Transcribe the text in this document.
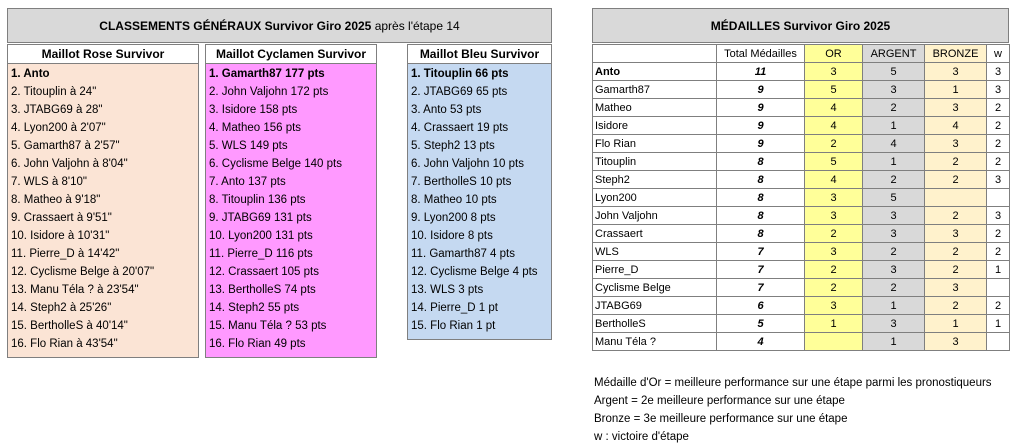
CLASSEMENTS GÉNÉRAUX Survivor Giro 2025 après l'étape 14
Maillot Rose Survivor
1. Anto
2. Titouplin à 24"
3. JTABG69 à 28"
4. Lyon200 à 2'07"
5. Gamarth87 à 2'57"
6. John Valjohn à 8'04"
7. WLS à 8'10"
8. Matheo à 9'18"
9. Crassaert à 9'51"
10. Isidore à 10'31"
11. Pierre_D à 14'42"
12. Cyclisme Belge à 20'07"
13. Manu Téla ? à 23'54"
14. Steph2 à 25'26"
15. BertholleS à 40'14"
16. Flo Rian à 43'54"
Maillot Cyclamen Survivor
1. Gamarth87 177 pts
2. John Valjohn 172 pts
3. Isidore 158 pts
4. Matheo 156 pts
5. WLS 149 pts
6. Cyclisme Belge 140 pts
7. Anto 137 pts
8. Titouplin 136 pts
9. JTABG69 131 pts
10. Lyon200 131 pts
11. Pierre_D 116 pts
12. Crassaert 105 pts
13. BertholleS 74 pts
14. Steph2 55 pts
15. Manu Téla ? 53 pts
16. Flo Rian 49 pts
Maillot Bleu Survivor
1. Titouplin 66 pts
2. JTABG69 65 pts
3. Anto 53 pts
4. Crassaert 19 pts
5. Steph2 13 pts
6. John Valjohn 10 pts
7. BertholleS 10 pts
8. Matheo 10 pts
9. Lyon200 8 pts
10. Isidore 8 pts
11. Gamarth87 4 pts
12. Cyclisme Belge 4 pts
13. WLS 3 pts
14. Pierre_D 1 pt
15. Flo Rian 1 pt
MÉDAILLES Survivor Giro 2025
	Total Médailles	OR	ARGENT	BRONZE	w
Anto	11	3	5	3	3
Gamarth87	9	5	3	1	3
Matheo	9	4	2	3	2
Isidore	9	4	1	4	2
Flo Rian	9	2	4	3	2
Titouplin	8	5	1	2	2
Steph2	8	4	2	2	3
Lyon200	8	3	5		
John Valjohn	8	3	3	2	3
Crassaert	8	2	3	3	2
WLS	7	3	2	2	2
Pierre_D	7	2	3	2	1
Cyclisme Belge	7	2	2	3	
JTABG69	6	3	1	2	2
BertholleS	5	1	3	1	1
Manu Téla ?	4		1	3	
Médaille d'Or = meilleure performance sur une étape parmi les pronostiqueurs
Argent = 2e meilleure performance sur une étape
Bronze = 3e meilleure performance sur une étape
w : victoire d'étape
